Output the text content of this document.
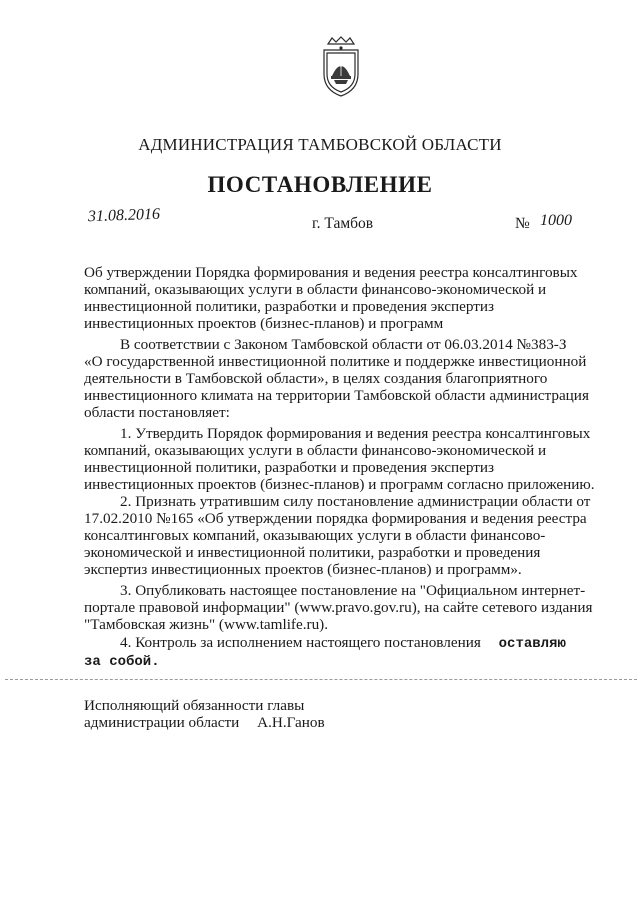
АДМИНИСТРАЦИЯ ТАМБОВСКОЙ ОБЛАСТИ
ПОСТАНОВЛЕНИЕ
31.08.2016	г. Тамбов	№ 1000
Об утверждении Порядка формирования и ведения реестра консалтинговых
компаний, оказывающих услуги в области финансово-экономической и
инвестиционной политики, разработки и проведения экспертиз
инвестиционных проектов (бизнес-планов) и программ
В соответствии с Законом Тамбовской области от 06.03.2014 №383-З
«О государственной инвестиционной политике и поддержке инвестиционной
деятельности в Тамбовской области», в целях создания благоприятного
инвестиционного климата на территории Тамбовской области администрация
области постановляет:
1. Утвердить Порядок формирования и ведения реестра консалтинговых
компаний, оказывающих услуги в области финансово-экономической и
инвестиционной политики, разработки и проведения экспертиз
инвестиционных проектов (бизнес-планов) и программ согласно приложению.
2. Признать утратившим силу постановление администрации области от
17.02.2010 №165 «Об утверждении порядка формирования и ведения реестра
консалтинговых компаний, оказывающих услуги в области финансово-
экономической и инвестиционной политики, разработки и проведения
экспертиз инвестиционных проектов (бизнес-планов) и программ».
3. Опубликовать настоящее постановление на "Официальном интернет-
портале правовой информации" (www.pravo.gov.ru), на сайте сетевого издания
"Тамбовская жизнь" (www.tamlife.ru).
4. Контроль за исполнением настоящего постановления оставляю
за собой.
Исполняющий обязанности главы
администрации области А.Н.Ганов
